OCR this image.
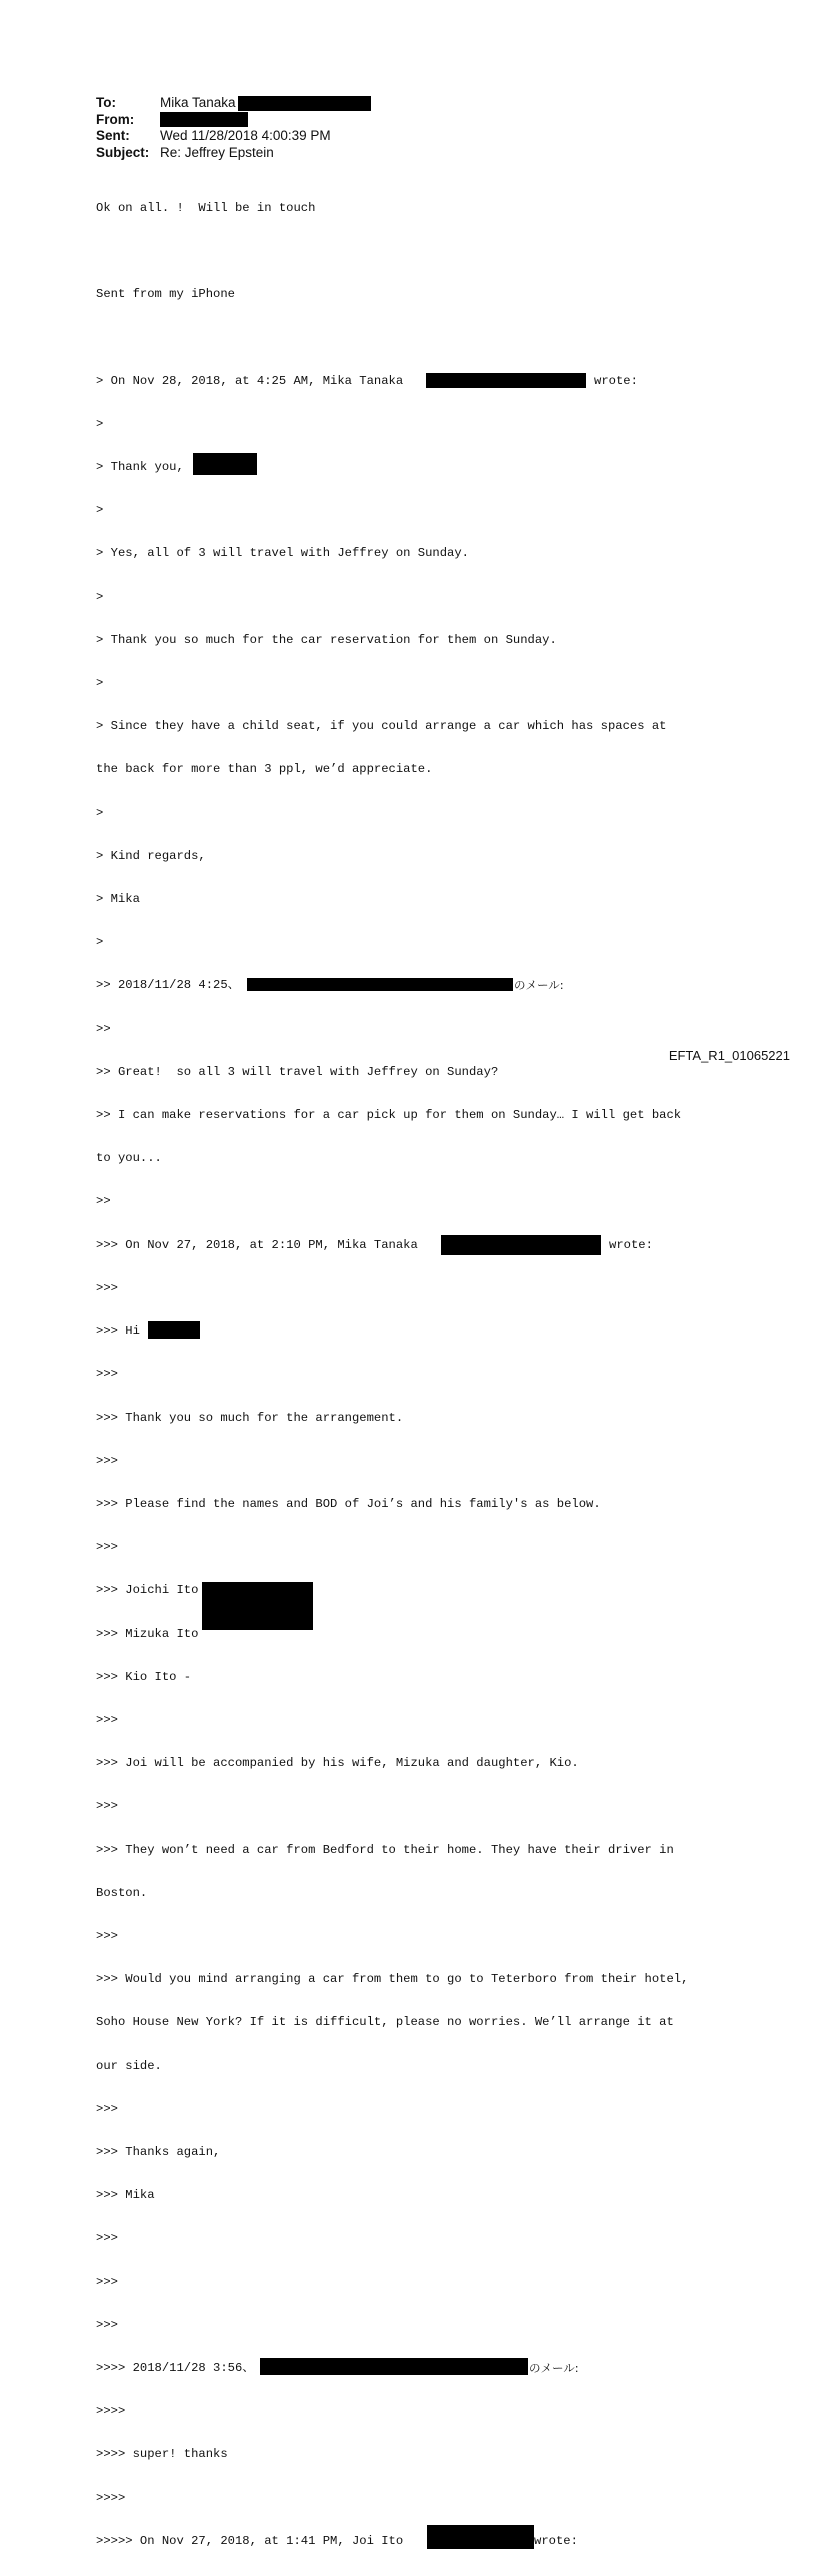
To:	Mika Tanaka
From:
Sent:	Wed 11/28/2018 4:00:39 PM
Subject: Re: Jeffrey Epstein

Ok on all. !  Will be in touch

Sent from my iPhone

> On Nov 28, 2018, at 4:25 AM, Mika Tanaka	wrote:

>

> Thank you,

>

> Yes, all of 3 will travel with Jeffrey on Sunday.

>

> Thank you so much for the car reservation for them on Sunday.

>

> Since they have a child seat, if you could arrange a car which has spaces at

the back for more than 3 ppl, we’d appreciate.

>

> Kind regards,

> Mika

>

>> 2018/11/28 4:25、	のメール:

>>

>> Great!  so all 3 will travel with Jeffrey on Sunday?

>> I can make reservations for a car pick up for them on Sunday… I will get back

to you...

>>

>>> On Nov 27, 2018, at 2:10 PM, Mika Tanaka	wrote:

>>>

>>> Hi

>>>

>>> Thank you so much for the arrangement.

>>>

>>> Please find the names and BOD of Joi’s and his family's as below.

>>>

>>> Joichi Ito

>>> Mizuka Ito

>>> Kio Ito -

>>>

>>> Joi will be accompanied by his wife, Mizuka and daughter, Kio.

>>>

>>> They won’t need a car from Bedford to their home. They have their driver in

Boston.

>>>

>>> Would you mind arranging a car from them to go to Teterboro from their hotel,

Soho House New York? If it is difficult, please no worries. We’ll arrange it at

our side.

>>>

>>> Thanks again,

>>> Mika

>>>

>>>

>>>

>>>> 2018/11/28 3:56、	のメール:

>>>>

>>>> super! thanks

>>>>

>>>>> On Nov 27, 2018, at 1:41 PM, Joi Ito	wrote:

EFTA_R1_01065221
